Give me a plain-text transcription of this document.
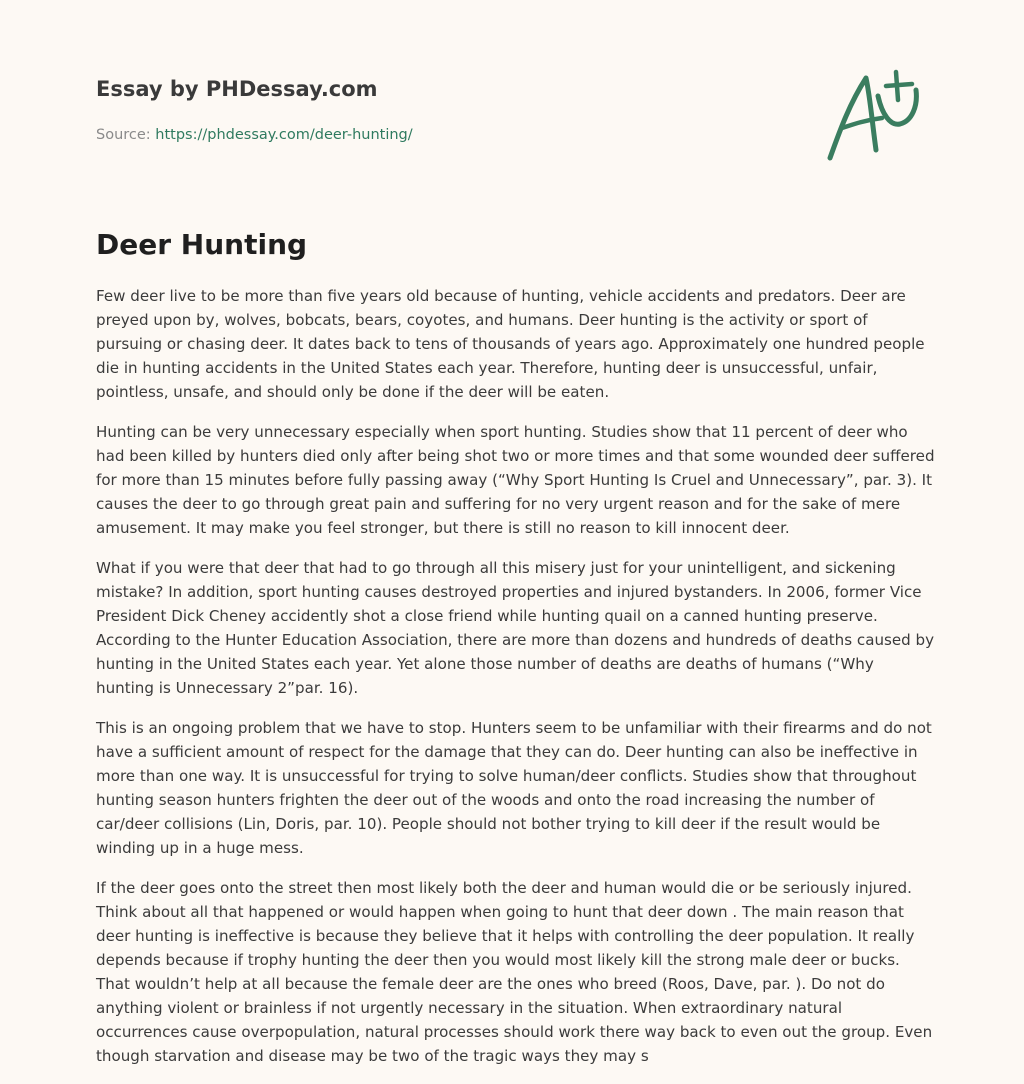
Essay by PHDessay.com
Source: https://phdessay.com/deer-hunting/
Deer Hunting

Few deer live to be more than five years old because of hunting, vehicle accidents and predators. Deer are preyed upon by, wolves, bobcats, bears, coyotes, and humans. Deer hunting is the activity or sport of pursuing or chasing deer. It dates back to tens of thousands of years ago. Approximately one hundred people die in hunting accidents in the United States each year. Therefore, hunting deer is unsuccessful, unfair, pointless, unsafe, and should only be done if the deer will be eaten.

Hunting can be very unnecessary especially when sport hunting. Studies show that 11 percent of deer who had been killed by hunters died only after being shot two or more times and that some wounded deer suffered for more than 15 minutes before fully passing away (“Why Sport Hunting Is Cruel and Unnecessary”, par. 3). It causes the deer to go through great pain and suffering for no very urgent reason and for the sake of mere amusement. It may make you feel stronger, but there is still no reason to kill innocent deer.

What if you were that deer that had to go through all this misery just for your unintelligent, and sickening mistake? In addition, sport hunting causes destroyed properties and injured bystanders. In 2006, former Vice President Dick Cheney accidently shot a close friend while hunting quail on a canned hunting preserve. According to the Hunter Education Association, there are more than dozens and hundreds of deaths caused by hunting in the United States each year. Yet alone those number of deaths are deaths of humans (“Why hunting is Unnecessary 2”par. 16).

This is an ongoing problem that we have to stop. Hunters seem to be unfamiliar with their firearms and do not have a sufficient amount of respect for the damage that they can do. Deer hunting can also be ineffective in more than one way. It is unsuccessful for trying to solve human/deer conflicts. Studies show that throughout hunting season hunters frighten the deer out of the woods and onto the road increasing the number of car/deer collisions (Lin, Doris, par. 10). People should not bother trying to kill deer if the result would be winding up in a huge mess.

If the deer goes onto the street then most likely both the deer and human would die or be seriously injured. Think about all that happened or would happen when going to hunt that deer down . The main reason that deer hunting is ineffective is because they believe that it helps with controlling the deer population. It really depends because if trophy hunting the deer then you would most likely kill the strong male deer or bucks. That wouldn’t help at all because the female deer are the ones who breed (Roos, Dave, par. ). Do not do anything violent or brainless if not urgently necessary in the situation. When extraordinary natural occurrences cause overpopulation, natural processes should work there way back to even out the group. Even though starvation and disease may be two of the tragic ways they may s
